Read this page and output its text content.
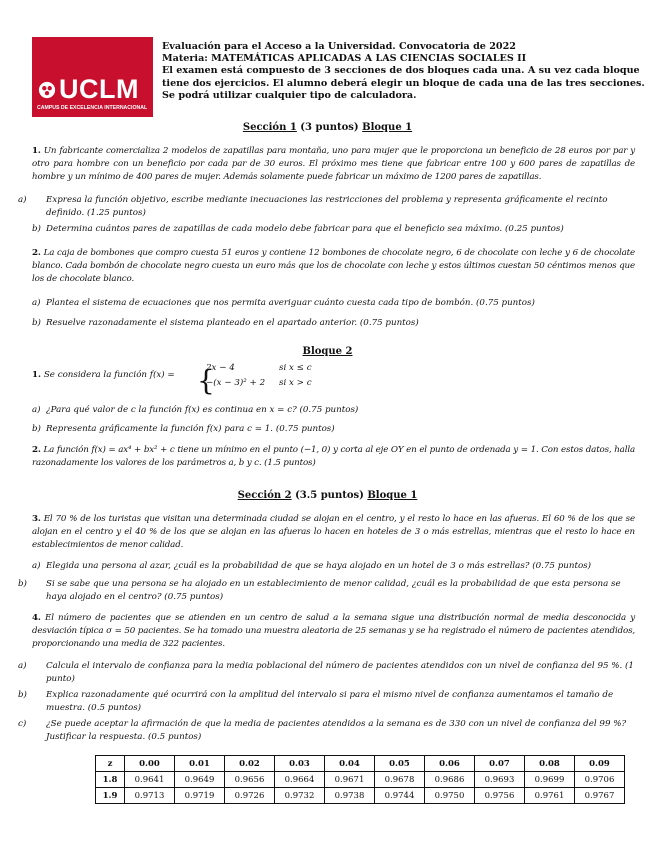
UCLM
CAMPUS DE EXCELENCIA INTERNACIONAL
Evaluación para el Acceso a la Universidad. Convocatoria de 2022
Materia: MATEMÁTICAS APLICADAS A LAS CIENCIAS SOCIALES II
El examen está compuesto de 3 secciones de dos bloques cada una. A su vez cada bloque
tiene dos ejercicios. El alumno deberá elegir un bloque de cada una de las tres secciones.
Se podrá utilizar cualquier tipo de calculadora.
Sección 1 (3 puntos) Bloque 1
1. Un fabricante comercializa 2 modelos de zapatillas para montaña, uno para mujer que le proporciona un beneficio de 28 euros por par y otro para hombre con un beneficio por cada par de 30 euros. El próximo mes tiene que fabricar entre 100 y 600 pares de zapatillas de hombre y un mínimo de 400 pares de mujer. Además solamente puede fabricar un máximo de 1200 pares de zapatillas.
a) Expresa la función objetivo, escribe mediante inecuaciones las restricciones del problema y representa gráficamente el recinto definido. (1.25 puntos)
b) Determina cuántos pares de zapatillas de cada modelo debe fabricar para que el beneficio sea máximo. (0.25 puntos)
2. La caja de bombones que compro cuesta 51 euros y contiene 12 bombones de chocolate negro, 6 de chocolate con leche y 6 de chocolate blanco. Cada bombón de chocolate negro cuesta un euro más que los de chocolate con leche y estos últimos cuestan 50 céntimos menos que los de chocolate blanco.
a) Plantea el sistema de ecuaciones que nos permita averiguar cuánto cuesta cada tipo de bombón. (0.75 puntos)
b) Resuelve razonadamente el sistema planteado en el apartado anterior. (0.75 puntos)
Bloque 2
1. Se considera la función f(x) = {
2x − 4	si x ≤ c
−(x − 3)² + 2 si x > c
a) ¿Para qué valor de c la función f(x) es continua en x = c? (0.75 puntos)
b) Representa gráficamente la función f(x) para c = 1. (0.75 puntos)
2. La función f(x) = ax⁴ + bx² + c tiene un mínimo en el punto (−1, 0) y corta al eje OY en el punto de ordenada y = 1. Con estos datos, halla razonadamente los valores de los parámetros a, b y c. (1.5 puntos)
Sección 2 (3.5 puntos) Bloque 1
3. El 70 % de los turistas que visitan una determinada ciudad se alojan en el centro, y el resto lo hace en las afueras. El 60 % de los que se alojan en el centro y el 40 % de los que se alojan en las afueras lo hacen en hoteles de 3 o más estrellas, mientras que el resto lo hace en establecimientos de menor calidad.
a) Elegida una persona al azar, ¿cuál es la probabilidad de que se haya alojado en un hotel de 3 o más estrellas? (0.75 puntos)
b) Si se sabe que una persona se ha alojado en un establecimiento de menor calidad, ¿cuál es la probabilidad de que esta persona se haya alojado en el centro? (0.75 puntos)
4. El número de pacientes que se atienden en un centro de salud a la semana sigue una distribución normal de media desconocida y desviación típica σ = 50 pacientes. Se ha tomado una muestra aleatoria de 25 semanas y se ha registrado el número de pacientes atendidos, proporcionando una media de 322 pacientes.
a) Calcula el intervalo de confianza para la media poblacional del número de pacientes atendidos con un nivel de confianza del 95 %. (1 punto)
b) Explica razonadamente qué ocurrirá con la amplitud del intervalo si para el mismo nivel de confianza aumentamos el tamaño de muestra. (0.5 puntos)
c) ¿Se puede aceptar la afirmación de que la media de pacientes atendidos a la semana es de 330 con un nivel de confianza del 99 %? Justificar la respuesta. (0.5 puntos)
z	0.00	0.01	0.02	0.03	0.04	0.05	0.06	0.07	0.08	0.09
1.8	0.9641	0.9649	0.9656	0.9664	0.9671	0.9678	0.9686	0.9693	0.9699	0.9706
1.9	0.9713	0.9719	0.9726	0.9732	0.9738	0.9744	0.9750	0.9756	0.9761	0.9767
